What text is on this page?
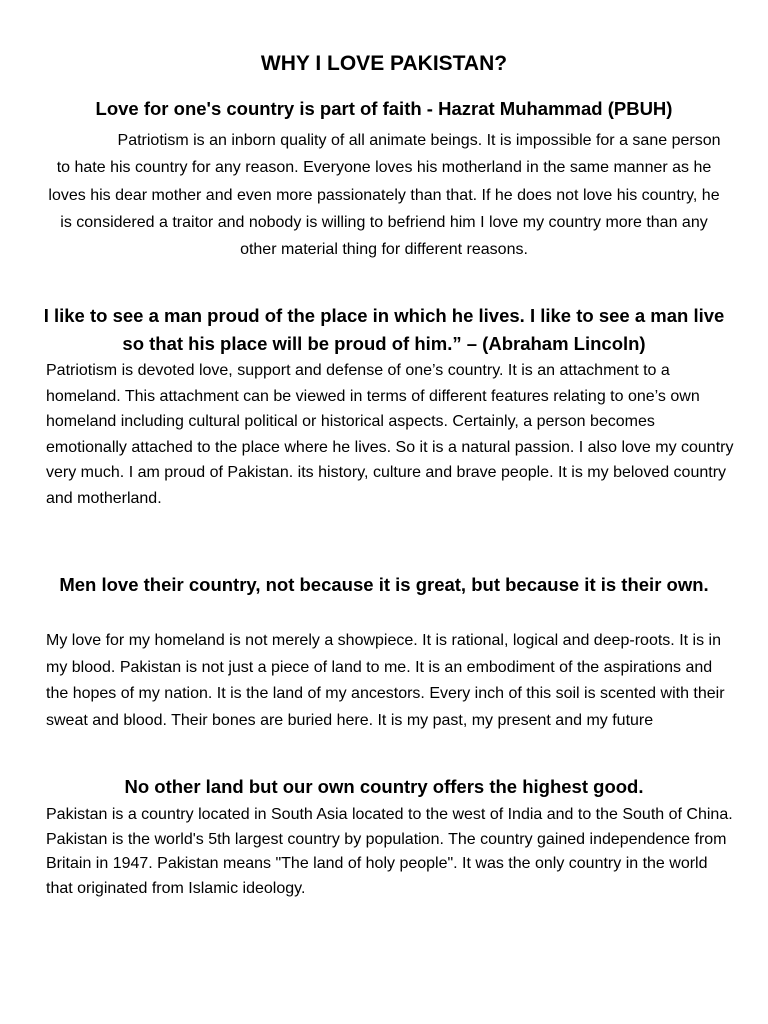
WHY I LOVE PAKISTAN?
Love for one's country is part of faith - Hazrat Muhammad (PBUH)

Patriotism is an inborn quality of all animate beings. It is impossible for a sane person to hate his country for any reason. Everyone loves his motherland in the same manner as he loves his dear mother and even more passionately than that. If he does not love his country, he is considered a traitor and nobody is willing to befriend him I love my country more than any other material thing for different reasons.

I like to see a man proud of the place in which he lives. I like to see a man live so that his place will be proud of him.” – (Abraham Lincoln)

Patriotism is devoted love, support and defense of one’s country. It is an attachment to a homeland. This attachment can be viewed in terms of different features relating to one’s own homeland including cultural political or historical aspects. Certainly, a person becomes emotionally attached to the place where he lives. So it is a natural passion. I also love my country very much. I am proud of Pakistan. its history, culture and brave people. It is my beloved country and motherland.

Men love their country, not because it is great, but because it is their own.

My love for my homeland is not merely a showpiece. It is rational, logical and deep-roots. It is in my blood. Pakistan is not just a piece of land to me. It is an embodiment of the aspirations and the hopes of my nation. It is the land of my ancestors. Every inch of this soil is scented with their sweat and blood. Their bones are buried here. It is my past, my present and my future

No other land but our own country offers the highest good.

Pakistan is a country located in South Asia located to the west of India and to the South of China. Pakistan is the world's 5th largest country by population. The country gained independence from Britain in 1947. Pakistan means "The land of holy people". It was the only country in the world that originated from Islamic ideology.
